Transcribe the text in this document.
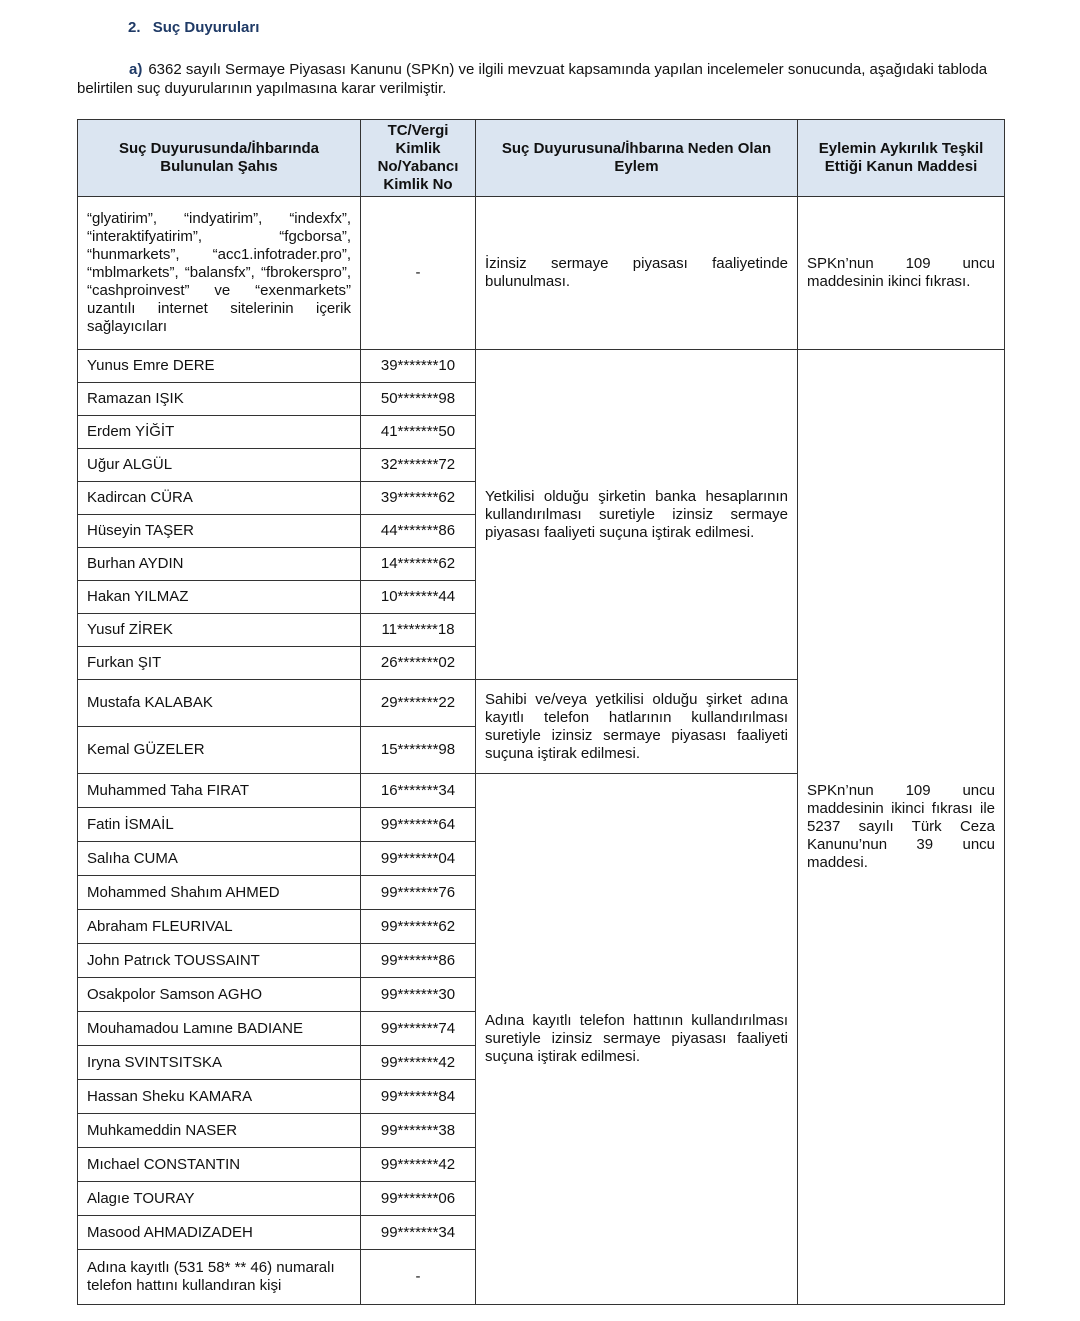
2. Suç Duyuruları
a) 6362 sayılı Sermaye Piyasası Kanunu (SPKn) ve ilgili mevzuat kapsamında yapılan incelemeler sonucunda, aşağıdaki tabloda belirtilen suç duyurularının yapılmasına karar verilmiştir.
Suç Duyurusunda/İhbarında Bulunulan Şahıs	TC/Vergi Kimlik No/Yabancı Kimlik No	Suç Duyurusuna/İhbarına Neden Olan Eylem	Eylemin Aykırılık Teşkil Ettiği Kanun Maddesi
“glyatirim”, “indyatirim”, “indexfx”, “interaktifyatirim”, “fgcborsa”, “hunmarkets”, “acc1.infotrader.pro”, “mblmarkets”, “balansfx”, “fbrokerspro”, “cashproinvest” ve “exenmarkets” uzantılı internet sitelerinin içerik sağlayıcıları	-	İzinsiz sermaye piyasası faaliyetinde bulunulması.	SPKn’nun 109 uncu maddesinin ikinci fıkrası.
Yunus Emre DERE	39*******10	Yetkilisi olduğu şirketin banka hesaplarının kullandırılması suretiyle izinsiz sermaye piyasası faaliyeti suçuna iştirak edilmesi.	SPKn’nun 109 uncu maddesinin ikinci fıkrası ile 5237 sayılı Türk Ceza Kanunu’nun 39 uncu maddesi.
Ramazan IŞIK	50*******98		
Erdem YİĞİT	41*******50		
Uğur ALGÜL	32*******72		
Kadircan CÜRA	39*******62		
Hüseyin TAŞER	44*******86		
Burhan AYDIN	14*******62		
Hakan YILMAZ	10*******44		
Yusuf ZİREK	11*******18		
Furkan ŞIT	26*******02		
Mustafa KALABAK	29*******22	Sahibi ve/veya yetkilisi olduğu şirket adına kayıtlı telefon hatlarının kullandırılması suretiyle izinsiz sermaye piyasası faaliyeti suçuna iştirak edilmesi.	
Kemal GÜZELER	15*******98		
Muhammed Taha FIRAT	16*******34	Adına kayıtlı telefon hattının kullandırılması suretiyle izinsiz sermaye piyasası faaliyeti suçuna iştirak edilmesi.	
Fatin İSMAİL	99*******64		
Salıha CUMA	99*******04		
Mohammed Shahım AHMED	99*******76		
Abraham FLEURIVAL	99*******62		
John Patrıck TOUSSAINT	99*******86		
Osakpolor Samson AGHO	99*******30		
Mouhamadou Lamıne BADIANE	99*******74		
Iryna SVINTSITSKA	99*******42		
Hassan Sheku KAMARA	99*******84		
Muhkameddin NASER	99*******38		
Mıchael CONSTANTIN	99*******42		
Alagıe TOURAY	99*******06		
Masood AHMADIZADEH	99*******34		
Adına kayıtlı (531 58* ** 46) numaralı telefon hattını kullandıran kişi	-		
